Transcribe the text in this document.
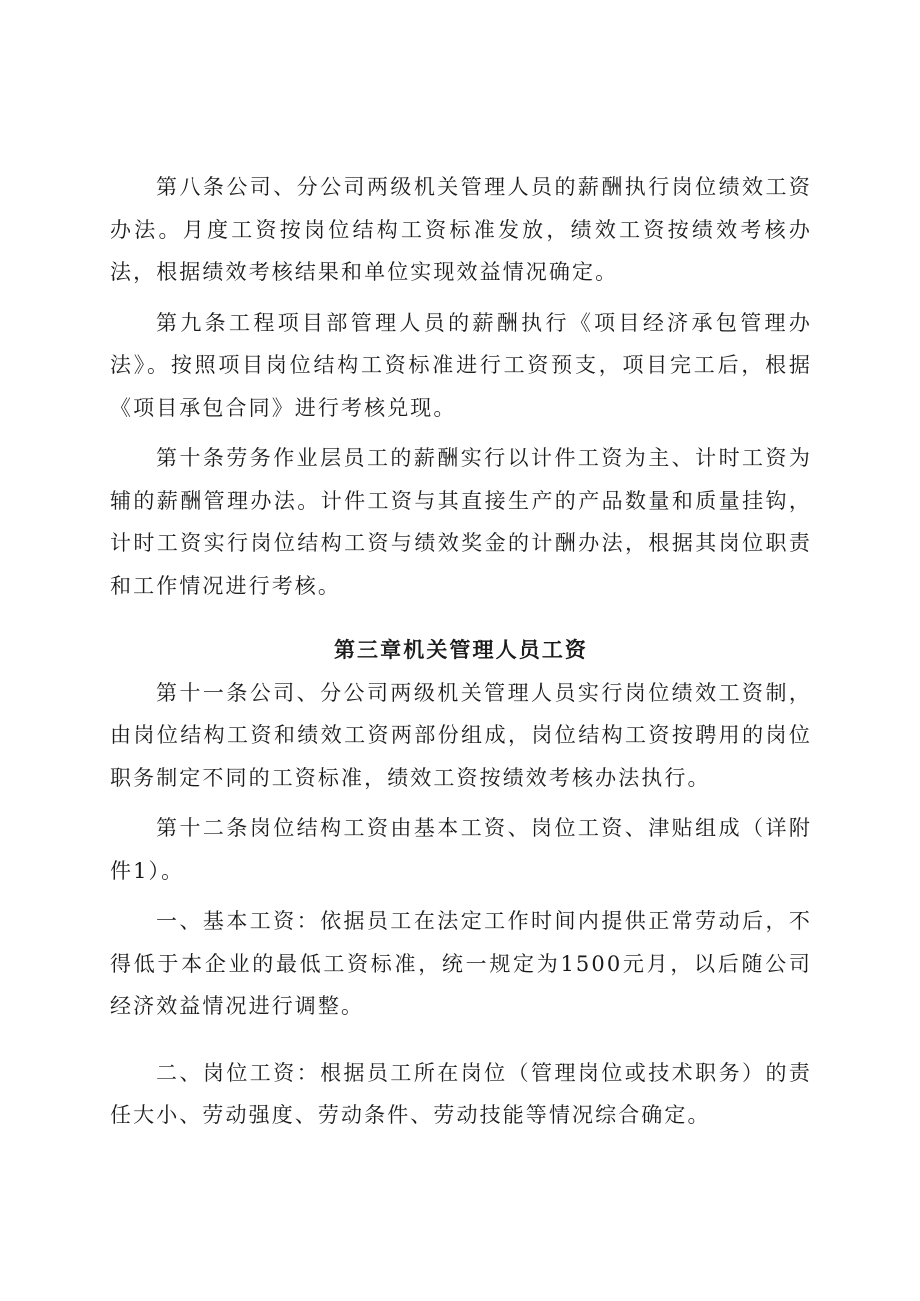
第八条公司、分公司两级机关管理人员的薪酬执行岗位绩效工资办法。月度工资按岗位结构工资标准发放，绩效工资按绩效考核办法，根据绩效考核结果和单位实现效益情况确定。

第九条工程项目部管理人员的薪酬执行《项目经济承包管理办法》。按照项目岗位结构工资标准进行工资预支，项目完工后，根据《项目承包合同》进行考核兑现。

第十条劳务作业层员工的薪酬实行以计件工资为主、计时工资为辅的薪酬管理办法。计件工资与其直接生产的产品数量和质量挂钩，计时工资实行岗位结构工资与绩效奖金的计酬办法，根据其岗位职责和工作情况进行考核。

第三章机关管理人员工资

第十一条公司、分公司两级机关管理人员实行岗位绩效工资制，由岗位结构工资和绩效工资两部份组成，岗位结构工资按聘用的岗位职务制定不同的工资标准，绩效工资按绩效考核办法执行。

第十二条岗位结构工资由基本工资、岗位工资、津贴组成（详附件1）。

一、基本工资：依据员工在法定工作时间内提供正常劳动后，不得低于本企业的最低工资标准，统一规定为1500元月，以后随公司经济效益情况进行调整。

二、岗位工资：根据员工所在岗位（管理岗位或技术职务）的责任大小、劳动强度、劳动条件、劳动技能等情况综合确定。
